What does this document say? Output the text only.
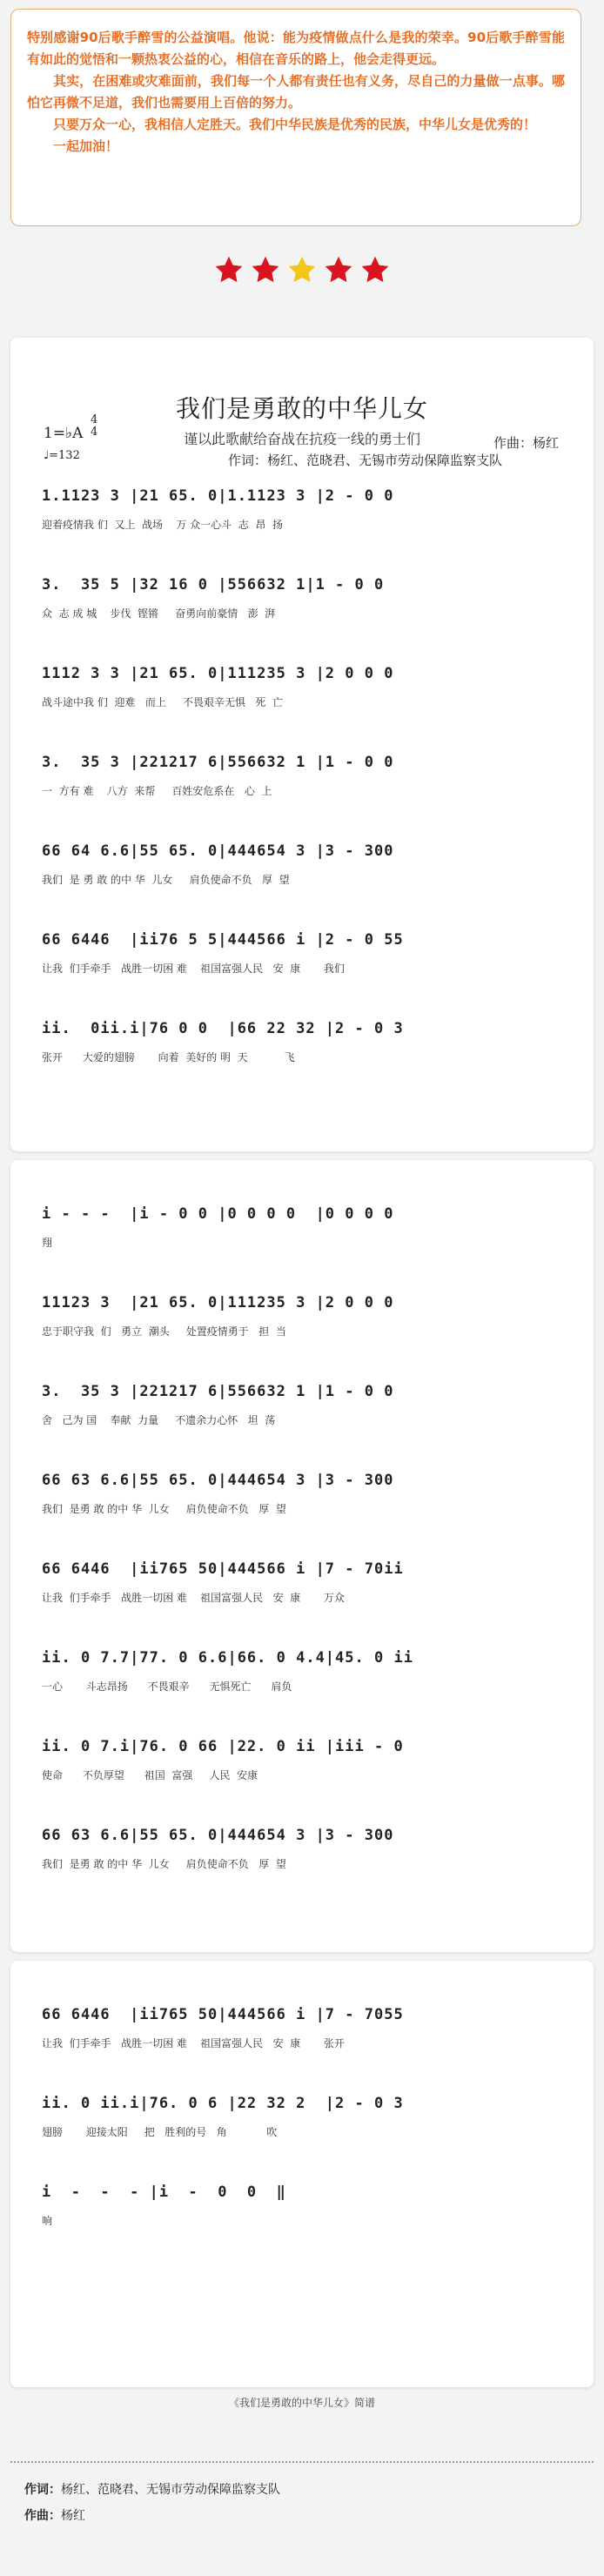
特别感谢90后歌手醉雪的公益演唱。他说：能为疫情做点什么是我的荣幸。90后歌手醉雪能有如此的觉悟和一颗热衷公益的心，相信在音乐的路上，他会走得更远。

其实，在困难或灾难面前，我们每一个人都有责任也有义务，尽自己的力量做一点事。哪怕它再微不足道，我们也需要用上百倍的努力。

只要万众一心，我相信人定胜天。我们中华民族是优秀的民族，中华儿女是优秀的！

一起加油！

我们是勇敢的中华儿女
1=♭A
4
4
♩=132
谨以此歌献给奋战在抗疫一线的勇士们	作曲：杨红
作词：杨红、范晓君、无锡市劳动保障监察支队
1.1123 3 |21 65. 0|1.1123 3 |2 - 0 0
迎着疫情我 们  又上  战场    万 众一心斗  志  昂  扬
3.  35 5 |32 16 0 |556632 1|1 - 0 0
众  志 成 城    步伐  铿锵     奋勇向前豪情   澎  湃
1112 3 3 |21 65. 0|111235 3 |2 0 0 0
战斗途中我 们  迎难   而上     不畏艰辛无惧   死  亡
3.  35 3 |221217 6|556632 1 |1 - 0 0
一  方有 难    八方  来帮     百姓安危系在   心  上
66 64 6.6|55 65. 0|444654 3 |3 - 300
我们  是 勇 敢 的中 华  儿女     肩负使命不负   厚  望
66 6446  |ii76 5 5|444566 i |2 - 0 55
让我  们手牵手   战胜一切困 难    祖国富强人民   安  康       我们
ii.  0ii.i|76 0 0  |66 22 32 |2 - 0 3
张开      大爱的翅膀       向着  美好的 明  天           飞
i - - -  |i - 0 0 |0 0 0 0  |0 0 0 0
翔
11123 3  |21 65. 0|111235 3 |2 0 0 0
忠于职守我  们   勇立  潮头     处置疫情勇于   担  当
3.  35 3 |221217 6|556632 1 |1 - 0 0
舍   己为 国    奉献  力量     不遗余力心怀   坦  荡
66 63 6.6|55 65. 0|444654 3 |3 - 300
我们  是勇 敢 的中 华  儿女     肩负使命不负   厚  望
66 6446  |ii765 50|444566 i |7 - 70ii
让我  们手牵手   战胜一切困 难    祖国富强人民   安  康       万众
ii. 0 7.7|77. 0 6.6|66. 0 4.4|45. 0 ii
一心       斗志昂扬      不畏艰辛      无惧死亡      肩负
ii. 0 7.i|76. 0 66 |22. 0 ii |iii - 0
使命      不负厚望      祖国  富强     人民  安康
66 63 6.6|55 65. 0|444654 3 |3 - 300
我们  是勇 敢 的中 华  儿女     肩负使命不负   厚  望
66 6446  |ii765 50|444566 i |7 - 7055
让我  们手牵手   战胜一切困 难    祖国富强人民   安  康       张开
ii. 0 ii.i|76. 0 6 |22 32 2  |2 - 0 3
翅膀       迎接太阳     把   胜利的号   角            吹
i  -  -  - |i  -  0  0  ‖
响
《我们是勇敢的中华儿女》简谱
作词：杨红、范晓君、无锡市劳动保障监察支队
作曲：杨红
